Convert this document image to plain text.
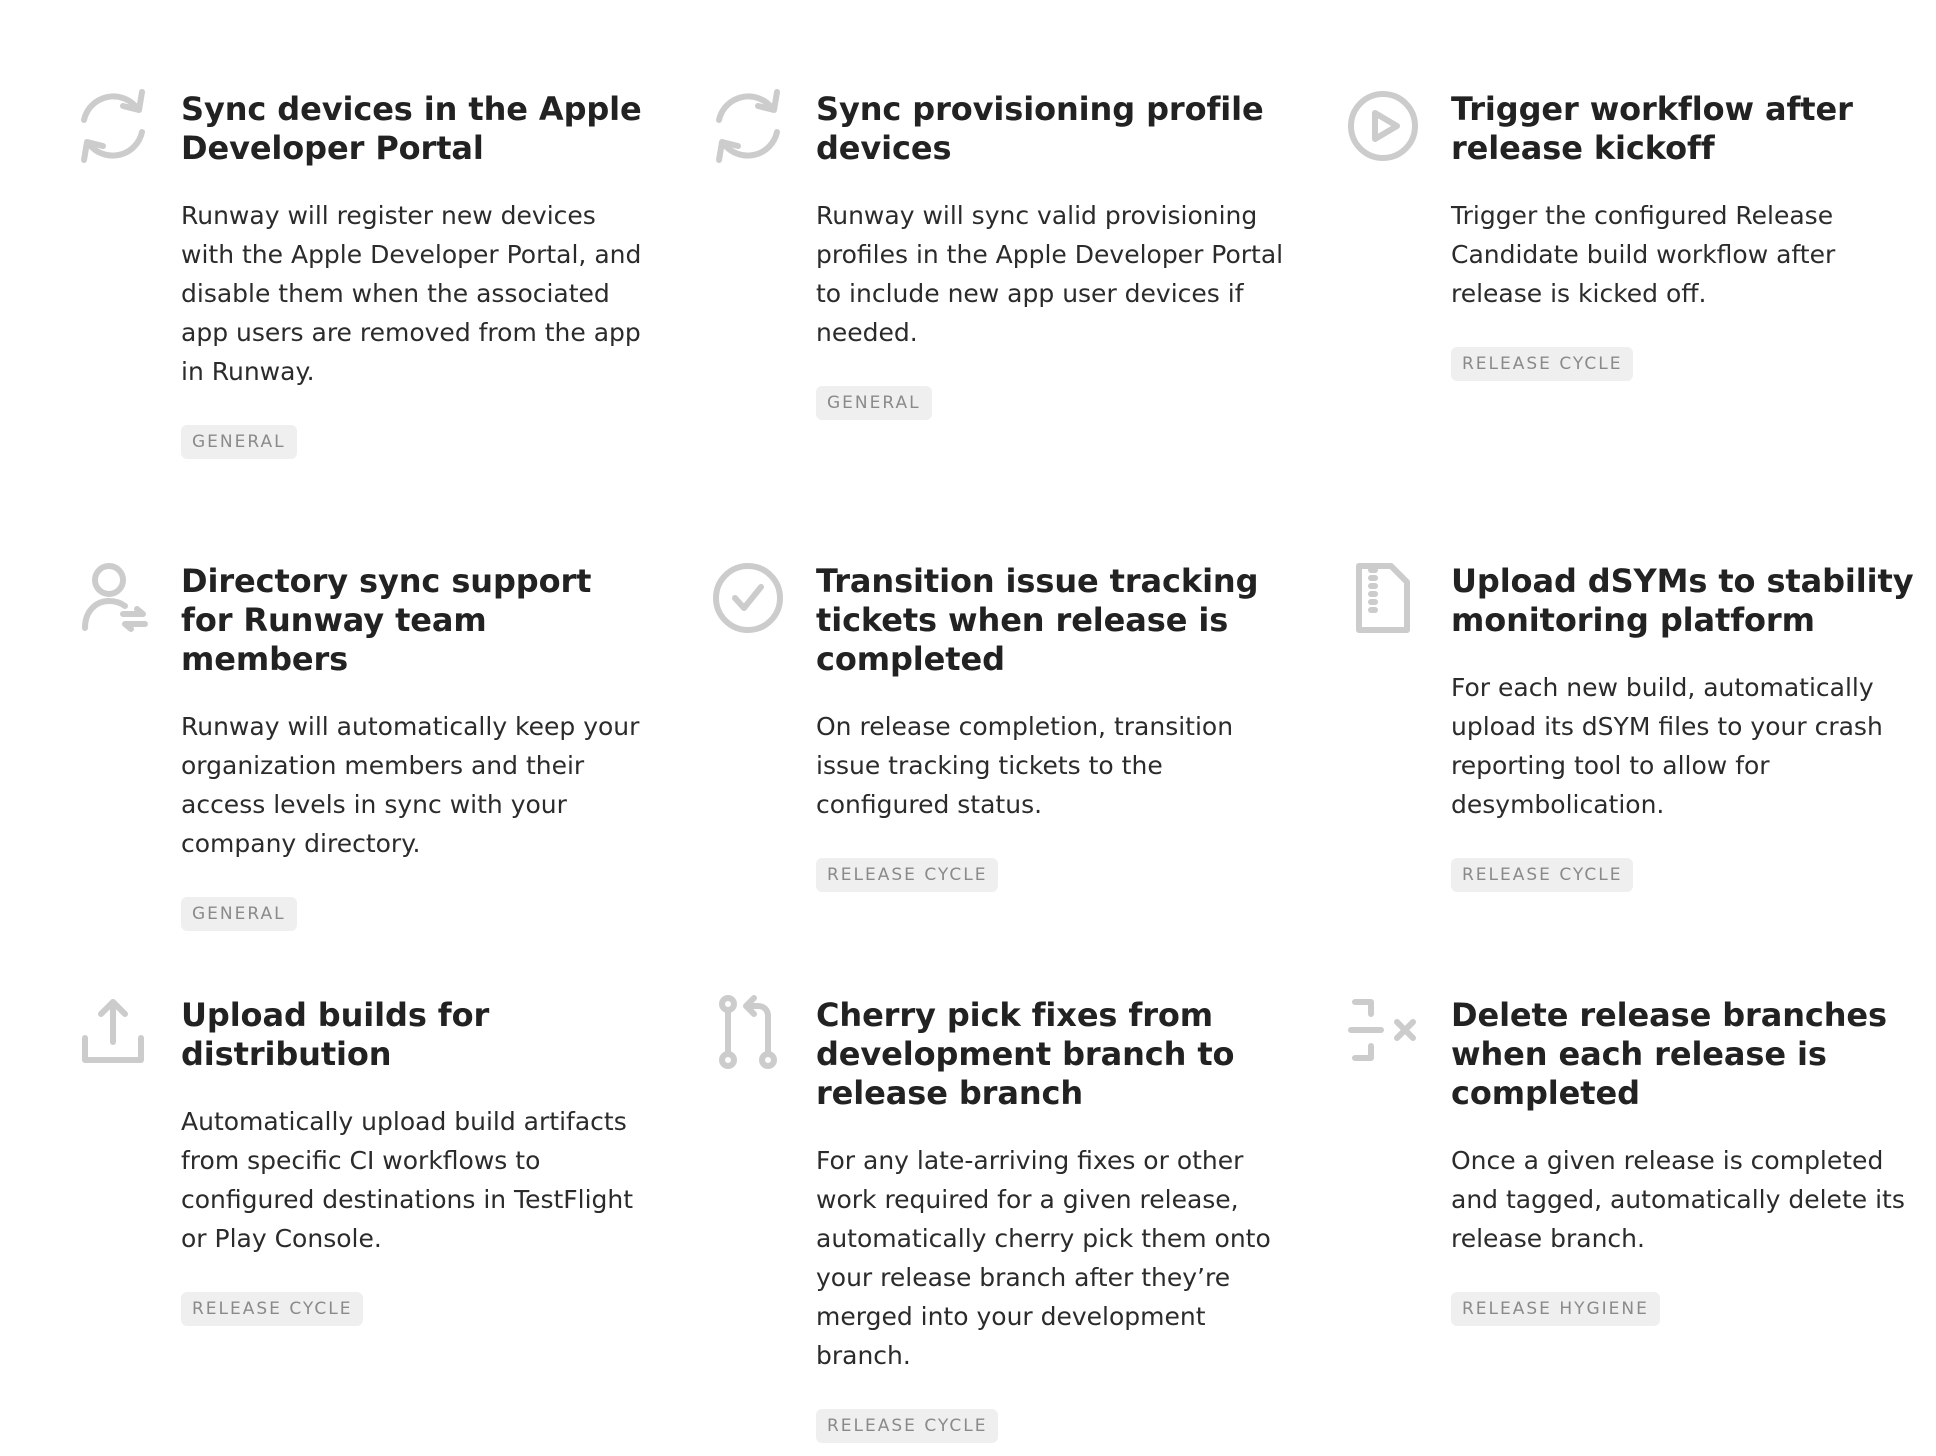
Sync devices in the Apple Developer Portal

Runway will register new devices with the Apple Developer Portal, and disable them when the associated app users are removed from the app in Runway.

GENERAL
Sync provisioning profile devices

Runway will sync valid provisioning profiles in the Apple Developer Portal to include new app user devices if needed.

GENERAL
Trigger workflow after release kickoff

Trigger the configured Release Candidate build workflow after release is kicked off.

RELEASE CYCLE
Directory sync support for Runway team members

Runway will automatically keep your organization members and their access levels in sync with your company directory.

GENERAL
Transition issue tracking tickets when release is completed

On release completion, transition issue tracking tickets to the configured status.

RELEASE CYCLE
Upload dSYMs to stability monitoring platform

For each new build, automatically upload its dSYM files to your crash reporting tool to allow for desymbolication.

RELEASE CYCLE
Upload builds for distribution

Automatically upload build artifacts from specific CI workflows to configured destinations in TestFlight or Play Console.

RELEASE CYCLE
Cherry pick fixes from development branch to release branch

For any late-arriving fixes or other work required for a given release, automatically cherry pick them onto your release branch after they’re merged into your development branch.

RELEASE CYCLE
Delete release branches when each release is completed

Once a given release is completed and tagged, automatically delete its release branch.

RELEASE HYGIENE
